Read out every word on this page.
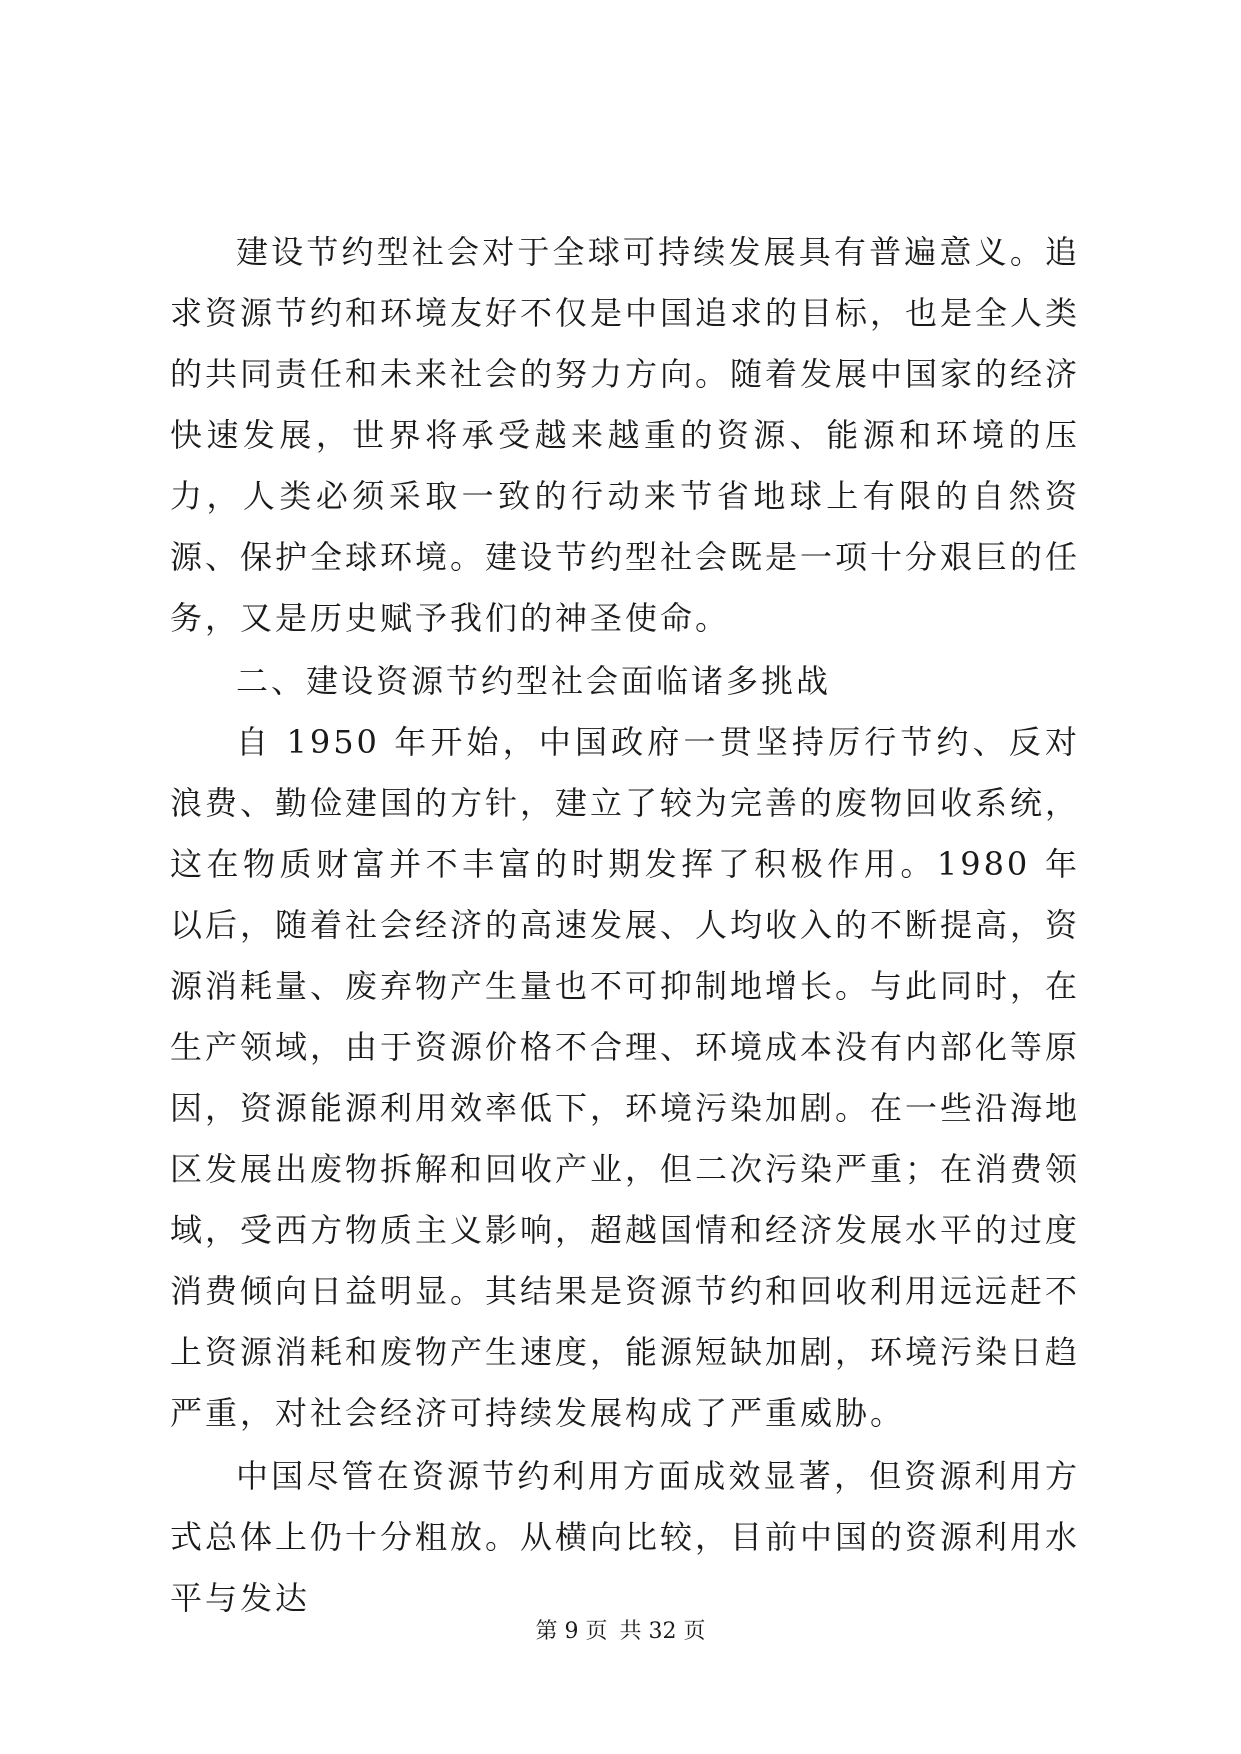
建设节约型社会对于全球可持续发展具有普遍意义。追求资源节约和环境友好不仅是中国追求的目标，也是全人类的共同责任和未来社会的努力方向。随着发展中国家的经济快速发展，世界将承受越来越重的资源、能源和环境的压力，人类必须采取一致的行动来节省地球上有限的自然资源、保护全球环境。建设节约型社会既是一项十分艰巨的任务，又是历史赋予我们的神圣使命。

二、建设资源节约型社会面临诸多挑战

自 1950 年开始，中国政府一贯坚持厉行节约、反对浪费、勤俭建国的方针，建立了较为完善的废物回收系统，这在物质财富并不丰富的时期发挥了积极作用。1980 年以后，随着社会经济的高速发展、人均收入的不断提高，资源消耗量、废弃物产生量也不可抑制地增长。与此同时，在生产领域，由于资源价格不合理、环境成本没有内部化等原因，资源能源利用效率低下，环境污染加剧。在一些沿海地区发展出废物拆解和回收产业，但二次污染严重；在消费领域，受西方物质主义影响，超越国情和经济发展水平的过度消费倾向日益明显。其结果是资源节约和回收利用远远赶不上资源消耗和废物产生速度，能源短缺加剧，环境污染日趋严重，对社会经济可持续发展构成了严重威胁。

中国尽管在资源节约利用方面成效显著，但资源利用方式总体上仍十分粗放。从横向比较，目前中国的资源利用水平与发达

第 9 页 共 32 页
